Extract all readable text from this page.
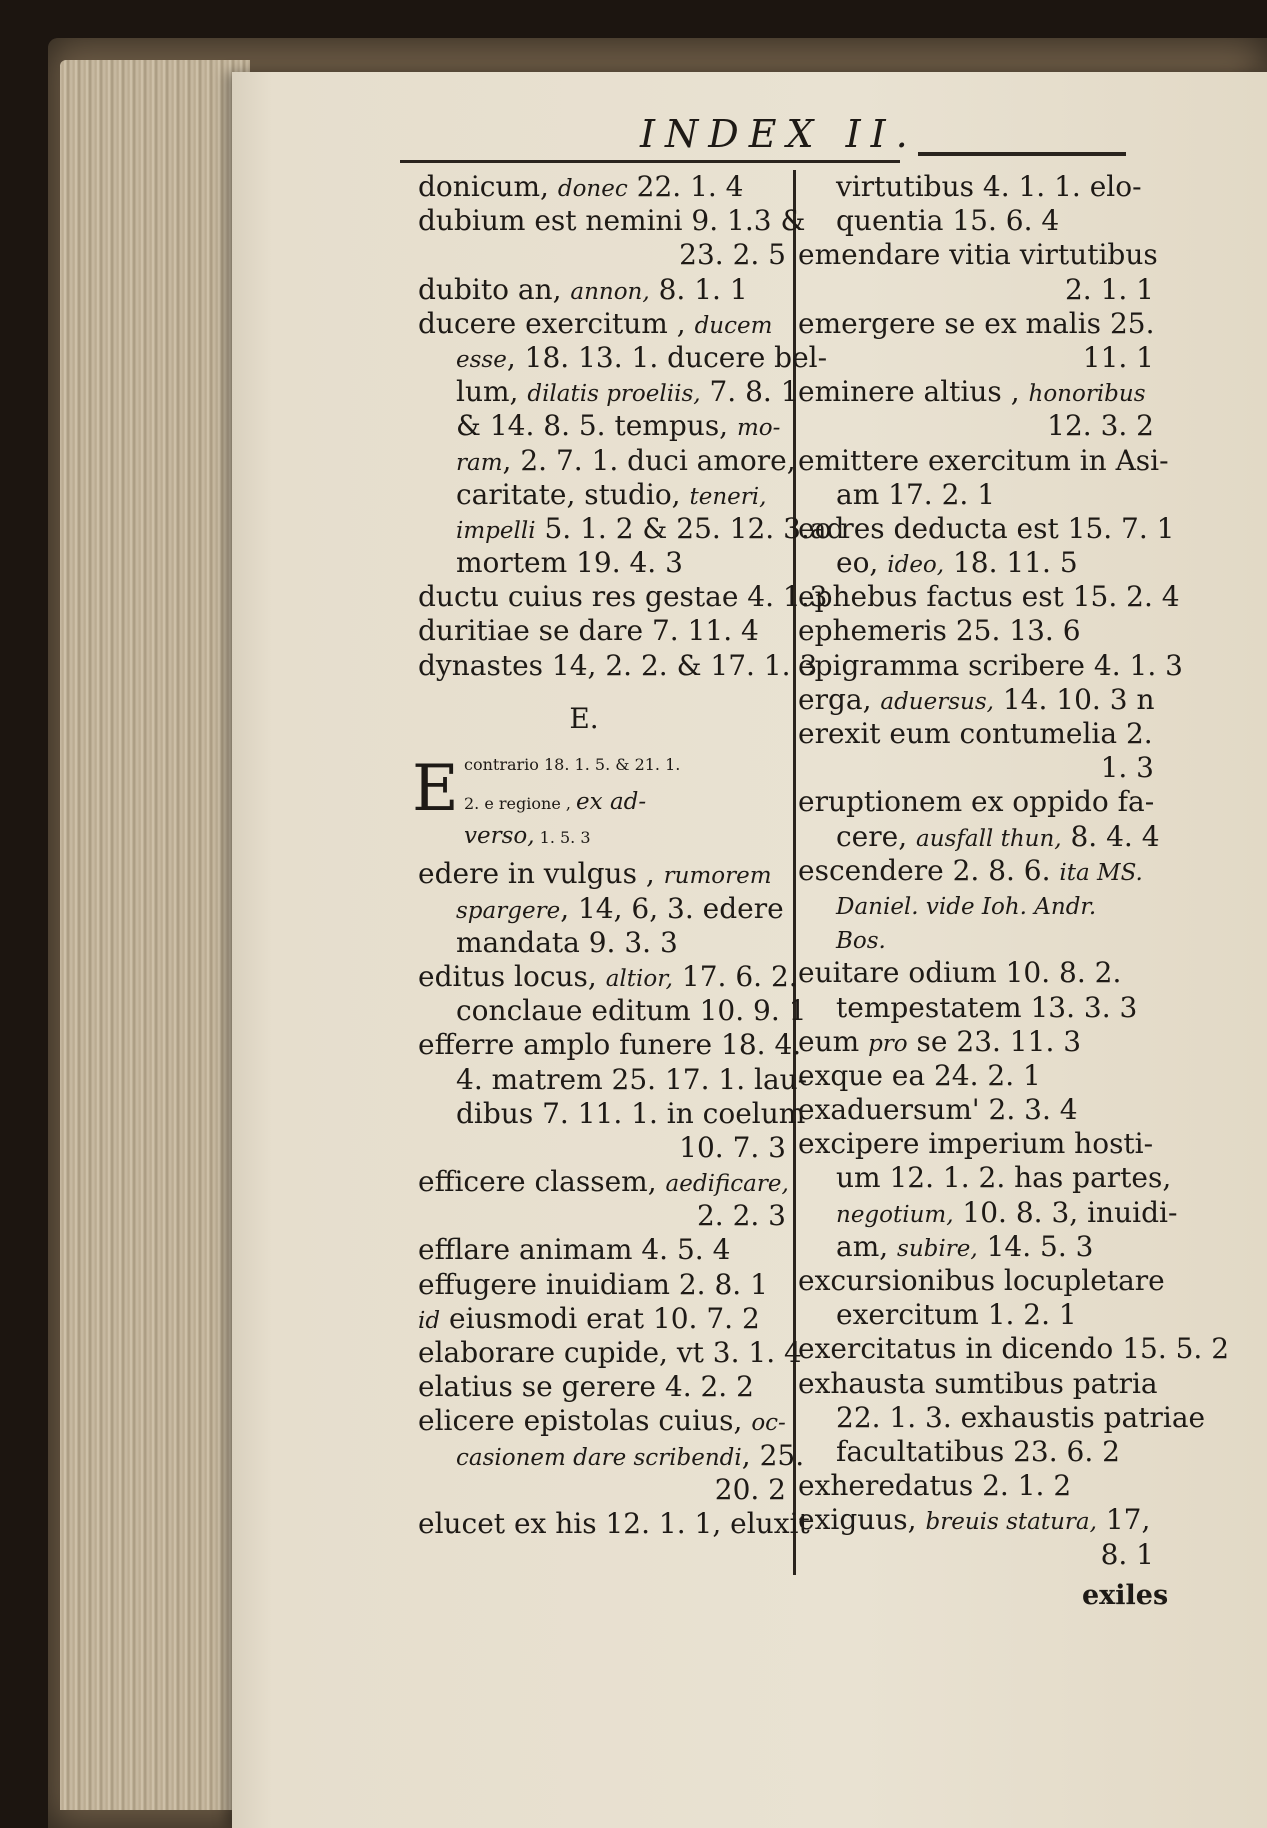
INDEX II.
donicum, donec 22. 1. 4
dubium est nemini 9. 1.3 &
23. 2. 5
dubito an, annon, 8. 1. 1
ducere exercitum , ducem
esse, 18. 13. 1. ducere bel-
lum, dilatis proeliis, 7. 8. 1
& 14. 8. 5. tempus, mo-
ram, 2. 7. 1. duci amore,
caritate, studio, teneri,
impelli 5. 1. 2 & 25. 12. 3.ad
mortem 19. 4. 3
ductu cuius res gestae 4. 1.3
duritiae se dare 7. 11. 4
dynastes 14, 2. 2. & 17. 1. 3
E.
E contrario 18. 1. 5. & 21. 1.
2. e regione , ex ad-
verso, 1. 5. 3
edere in vulgus , rumorem
spargere, 14, 6, 3. edere
mandata 9. 3. 3
editus locus, altior, 17. 6. 2.
conclaue editum 10. 9. 1
efferre amplo funere 18. 4.
4. matrem 25. 17. 1. lau-
dibus 7. 11. 1. in coelum
10. 7. 3
efficere classem, aedificare,
2. 2. 3
efflare animam 4. 5. 4
effugere inuidiam 2. 8. 1
id eiusmodi erat 10. 7. 2
elaborare cupide, vt 3. 1. 4
elatius se gerere 4. 2. 2
elicere epistolas cuius, oc-
casionem dare scribendi, 25.
20. 2
elucet ex his 12. 1. 1, eluxit
virtutibus 4. 1. 1. elo-
quentia 15. 6. 4
emendare vitia virtutibus
2. 1. 1
emergere se ex malis 25.
11. 1
eminere altius , honoribus
12. 3. 2
emittere exercitum in Asi-
am 17. 2. 1
eo res deducta est 15. 7. 1
eo, ideo, 18. 11. 5
ephebus factus est 15. 2. 4
ephemeris 25. 13. 6
epigramma scribere 4. 1. 3
erga, aduersus, 14. 10. 3 n
erexit eum contumelia 2.
1. 3
eruptionem ex oppido fa-
cere, ausfall thun, 8. 4. 4
escendere 2. 8. 6. ita MS.
Daniel. vide Ioh. Andr.
Bos.
euitare odium 10. 8. 2.
tempestatem 13. 3. 3
eum pro se 23. 11. 3
exque ea 24. 2. 1
exaduersum' 2. 3. 4
excipere imperium hosti-
um 12. 1. 2. has partes,
negotium, 10. 8. 3, inuidi-
am, subire, 14. 5. 3
excursionibus locupletare
exercitum 1. 2. 1
exercitatus in dicendo 15. 5. 2
exhausta sumtibus patria
22. 1. 3. exhaustis patriae
facultatibus 23. 6. 2
exheredatus 2. 1. 2
exiguus, breuis statura, 17,
8. 1
exiles
